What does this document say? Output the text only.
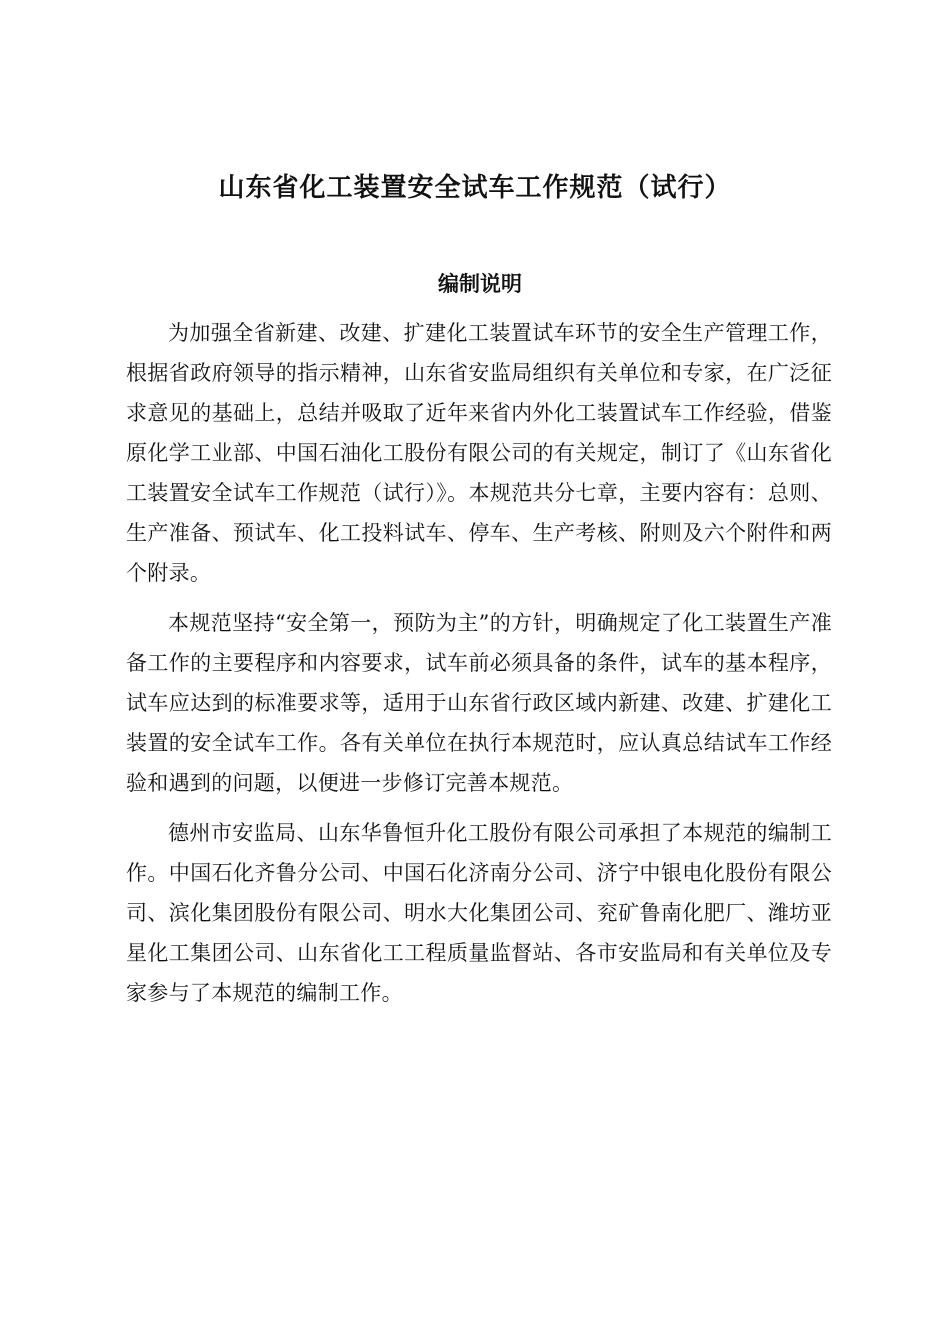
山东省化工装置安全试车工作规范（试行）
编制说明

为加强全省新建、改建、扩建化工装置试车环节的安全生产管理工作，根据省政府领导的指示精神，山东省安监局组织有关单位和专家，在广泛征求意见的基础上，总结并吸取了近年来省内外化工装置试车工作经验，借鉴原化学工业部、中国石油化工股份有限公司的有关规定，制订了《山东省化工装置安全试车工作规范（试行）》。本规范共分七章，主要内容有：总则、生产准备、预试车、化工投料试车、停车、生产考核、附则及六个附件和两个附录。

本规范坚持“安全第一，预防为主”的方针，明确规定了化工装置生产准备工作的主要程序和内容要求，试车前必须具备的条件，试车的基本程序，试车应达到的标准要求等，适用于山东省行政区域内新建、改建、扩建化工装置的安全试车工作。各有关单位在执行本规范时，应认真总结试车工作经验和遇到的问题，以便进一步修订完善本规范。

德州市安监局、山东华鲁恒升化工股份有限公司承担了本规范的编制工作。中国石化齐鲁分公司、中国石化济南分公司、济宁中银电化股份有限公司、滨化集团股份有限公司、明水大化集团公司、兖矿鲁南化肥厂、潍坊亚星化工集团公司、山东省化工工程质量监督站、各市安监局和有关单位及专家参与了本规范的编制工作。
